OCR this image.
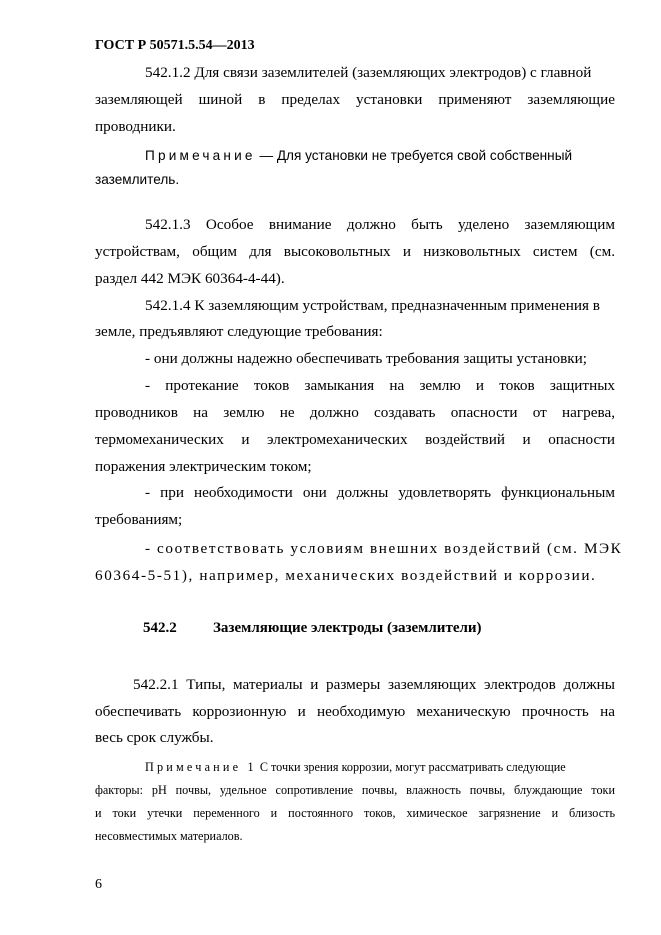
ГОСТ Р 50571.5.54—2013
542.1.2 Для связи заземлителей (заземляющих электродов) с главной
заземляющей шиной в пределах установки применяют заземляющие
проводники.
Примечание — Для установки не требуется свой собственный
заземлитель.
542.1.3 Особое внимание должно быть уделено заземляющим
устройствам, общим для высоковольтных и низковольтных систем (см.
раздел 442 МЭК 60364-4-44).
542.1.4 К заземляющим устройствам, предназначенным применения в
земле, предъявляют следующие требования:
- они должны надежно обеспечивать требования защиты установки;
- протекание токов замыкания на землю и токов защитных
проводников на землю не должно создавать опасности от нагрева,
термомеханических и электромеханических воздействий и опасности
поражения электрическим током;
- при необходимости они должны удовлетворять функциональным
требованиям;
- соответствовать условиям внешних воздействий (см. МЭК
60364-5-51), например, механических воздействий и коррозии.
542.2 Заземляющие электроды (заземлители)
542.2.1 Типы, материалы и размеры заземляющих электродов должны
обеспечивать коррозионную и необходимую механическую прочность на
весь срок службы.
Примечание 1 С точки зрения коррозии, могут рассматривать следующие
факторы: pH почвы, удельное сопротивление почвы, влажность почвы, блуждающие токи
и токи утечки переменного и постоянного токов, химическое загрязнение и близость
несовместимых материалов.
6
